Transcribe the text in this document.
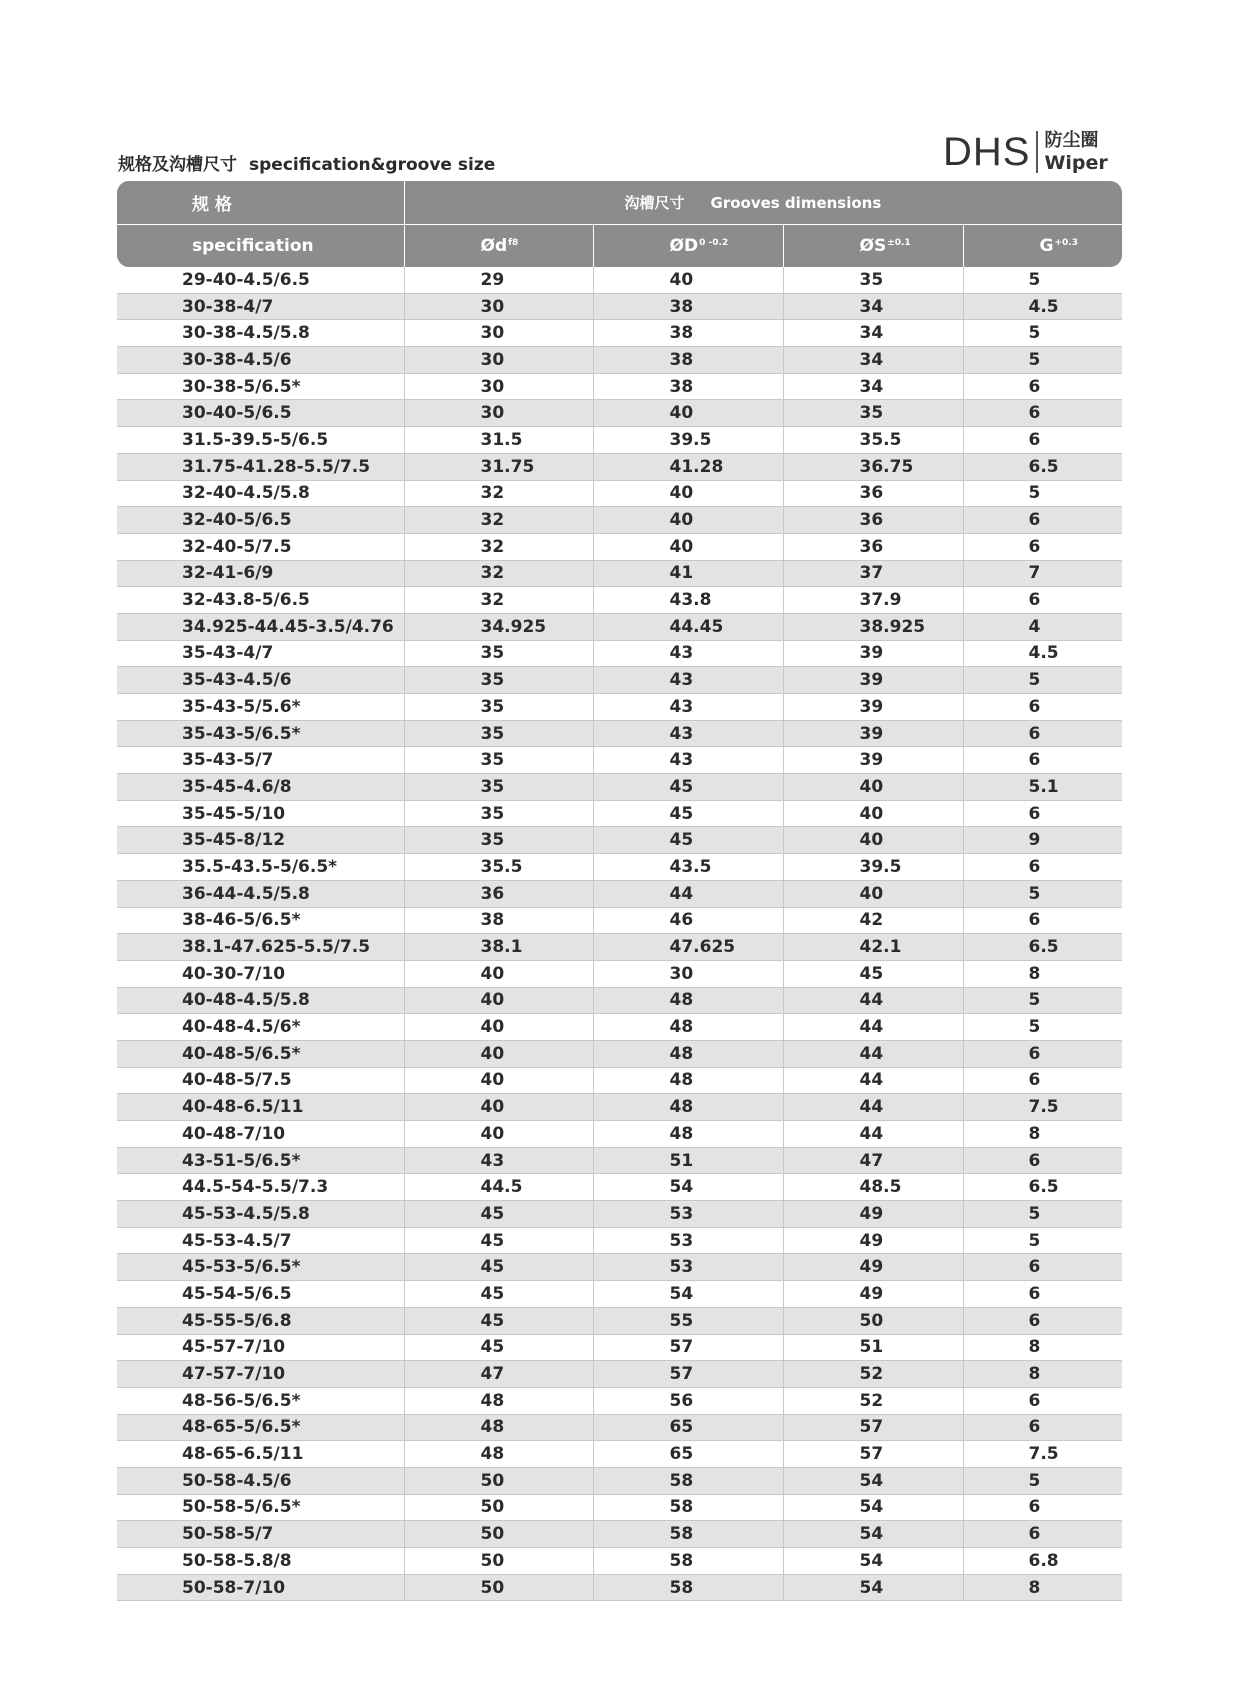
规格及沟槽尺寸 specification&groove size	DHS 防尘圈
Wiper
规 格	沟槽尺寸 Grooves dimensions			
specification	$Ød^{f8}$	$ØD^{0 -0.2}$	$ØS^{\pm 0.1}$	$G^{+0.3}$
29-40-4.5/6.5	29	40	35	5
30-38-4/7	30	38	34	4.5
30-38-4.5/5.8	30	38	34	5
30-38-4.5/6	30	38	34	5
30-38-5/6.5*	30	38	34	6
30-40-5/6.5	30	40	35	6
31.5-39.5-5/6.5	31.5	39.5	35.5	6
31.75-41.28-5.5/7.5	31.75	41.28	36.75	6.5
32-40-4.5/5.8	32	40	36	5
32-40-5/6.5	32	40	36	6
32-40-5/7.5	32	40	36	6
32-41-6/9	32	41	37	7
32-43.8-5/6.5	32	43.8	37.9	6
34.925-44.45-3.5/4.76	34.925	44.45	38.925	4
35-43-4/7	35	43	39	4.5
35-43-4.5/6	35	43	39	5
35-43-5/5.6*	35	43	39	6
35-43-5/6.5*	35	43	39	6
35-43-5/7	35	43	39	6
35-45-4.6/8	35	45	40	5.1
35-45-5/10	35	45	40	6
35-45-8/12	35	45	40	9
35.5-43.5-5/6.5*	35.5	43.5	39.5	6
36-44-4.5/5.8	36	44	40	5
38-46-5/6.5*	38	46	42	6
38.1-47.625-5.5/7.5	38.1	47.625	42.1	6.5
40-30-7/10	40	30	45	8
40-48-4.5/5.8	40	48	44	5
40-48-4.5/6*	40	48	44	5
40-48-5/6.5*	40	48	44	6
40-48-5/7.5	40	48	44	6
40-48-6.5/11	40	48	44	7.5
40-48-7/10	40	48	44	8
43-51-5/6.5*	43	51	47	6
44.5-54-5.5/7.3	44.5	54	48.5	6.5
45-53-4.5/5.8	45	53	49	5
45-53-4.5/7	45	53	49	5
45-53-5/6.5*	45	53	49	6
45-54-5/6.5	45	54	49	6
45-55-5/6.8	45	55	50	6
45-57-7/10	45	57	51	8
47-57-7/10	47	57	52	8
48-56-5/6.5*	48	56	52	6
48-65-5/6.5*	48	65	57	6
48-65-6.5/11	48	65	57	7.5
50-58-4.5/6	50	58	54	5
50-58-5/6.5*	50	58	54	6
50-58-5/7	50	58	54	6
50-58-5.8/8	50	58	54	6.8
50-58-7/10	50	58	54	8
